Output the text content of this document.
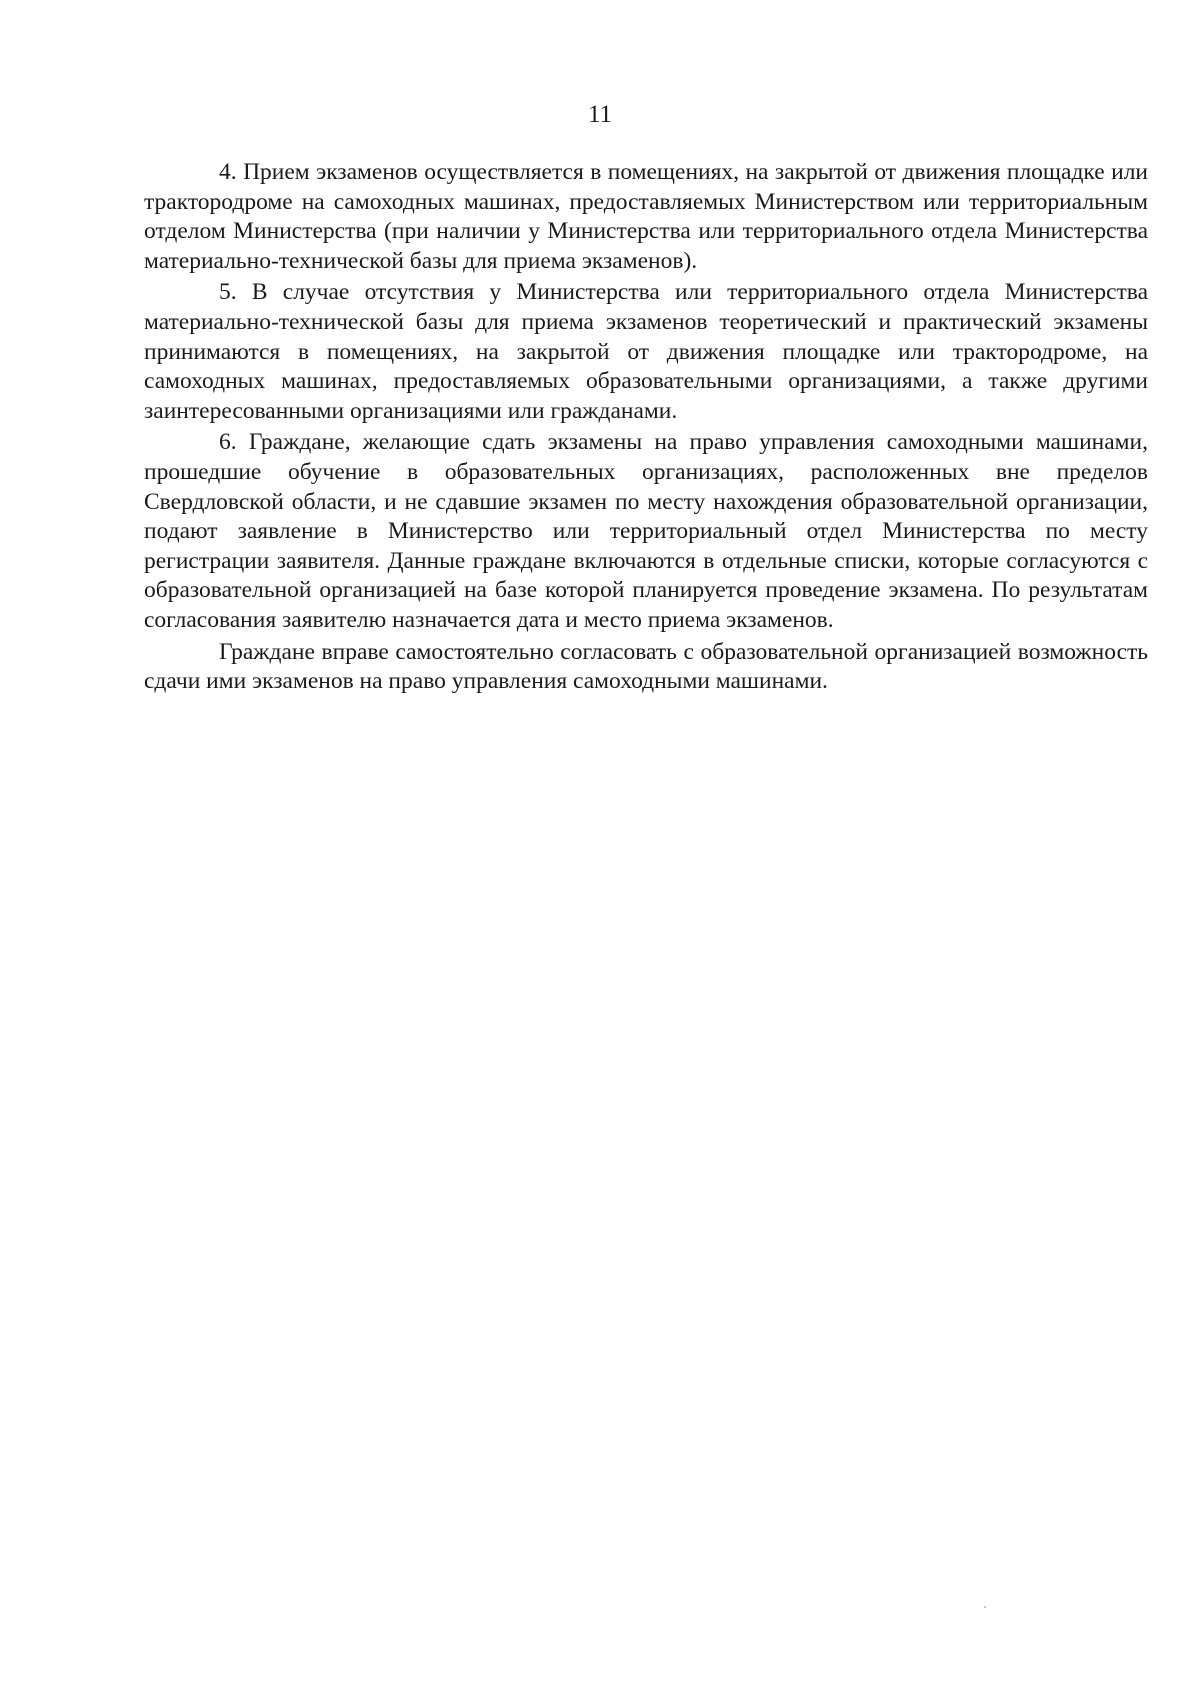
11

4. Прием экзаменов осуществляется в помещениях, на закрытой от движения площадке или трактородроме на самоходных машинах, предоставляемых Министерством или территориальным отделом Министерства (при наличии у Министерства или территориального отдела Министерства материально-технической базы для приема экзаменов).

5. В случае отсутствия у Министерства или территориального отдела Министерства материально-технической базы для приема экзаменов теоретический и практический экзамены принимаются в помещениях, на закрытой от движения площадке или трактородроме, на самоходных машинах, предоставляемых образовательными организациями, а также другими заинтересованными организациями или гражданами.

6. Граждане, желающие сдать экзамены на право управления самоходными машинами, прошедшие обучение в образовательных организациях, расположенных вне пределов Свердловской области, и не сдавшие экзамен по месту нахождения образовательной организации, подают заявление в Министерство или территориальный отдел Министерства по месту регистрации заявителя. Данные граждане включаются в отдельные списки, которые согласуются с образовательной организацией на базе которой планируется проведение экзамена. По результатам согласования заявителю назначается дата и место приема экзаменов.

Граждане вправе самостоятельно согласовать с образовательной организацией возможность сдачи ими экзаменов на право управления самоходными машинами.
